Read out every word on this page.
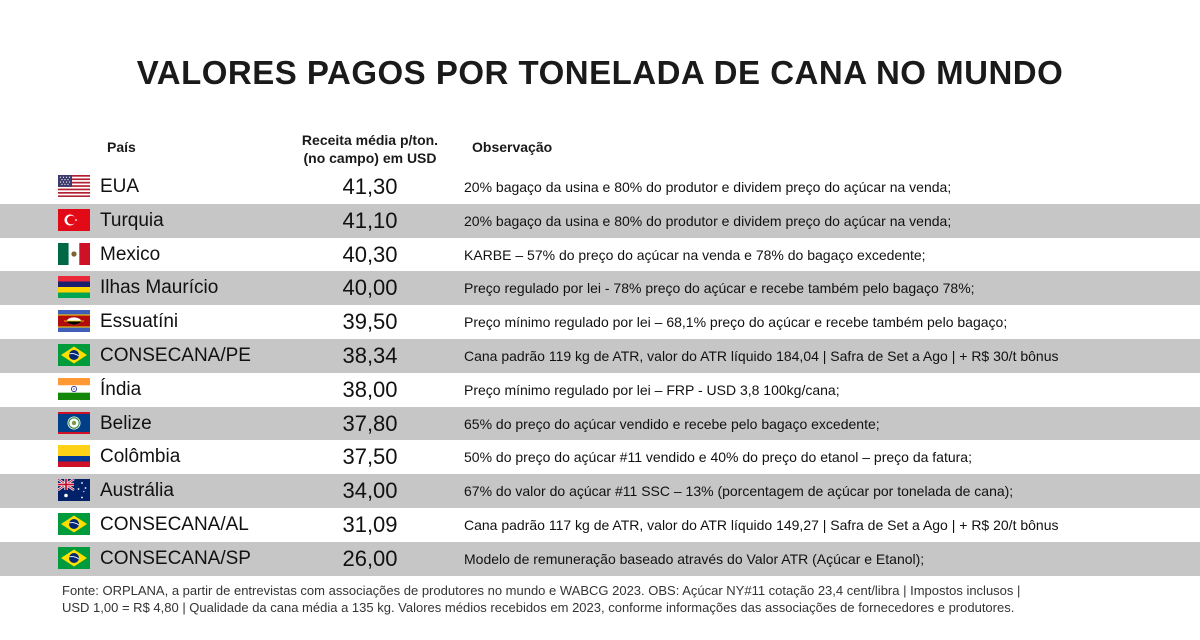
VALORES PAGOS POR TONELADA DE CANA NO MUNDO
País	Receita média p/ton.
(no campo) em USD
Observação
EUA	41,30	20% bagaço da usina e 80% do produtor e dividem preço do açúcar na venda;
Turquia	41,10	20% bagaço da usina e 80% do produtor e dividem preço do açúcar na venda;
Mexico	40,30	KARBE – 57% do preço do açúcar na venda e 78% do bagaço excedente;
Ilhas Maurício	40,00	Preço regulado por lei - 78% preço do açúcar e recebe também pelo bagaço 78%;
Essuatíni	39,50	Preço mínimo regulado por lei – 68,1% preço do açúcar e recebe também pelo bagaço;
CONSECANA/PE	38,34	Cana padrão 119 kg de ATR, valor do ATR líquido 184,04 | Safra de Set a Ago | + R$ 30/t bônus
Índia	38,00	Preço mínimo regulado por lei – FRP - USD 3,8 100kg/cana;
Belize	37,80	65% do preço do açúcar vendido e recebe pelo bagaço excedente;
Colômbia	37,50	50% do preço do açúcar #11 vendido e 40% do preço do etanol – preço da fatura;
Austrália	34,00	67% do valor do açúcar #11 SSC – 13% (porcentagem de açúcar por tonelada de cana);
CONSECANA/AL	31,09	Cana padrão 117 kg de ATR, valor do ATR líquido 149,27 | Safra de Set a Ago | + R$ 20/t bônus
CONSECANA/SP	26,00	Modelo de remuneração baseado através do Valor ATR (Açúcar e Etanol);
Fonte: ORPLANA, a partir de entrevistas com associações de produtores no mundo e WABCG 2023. OBS: Açúcar NY#11 cotação 23,4 cent/libra | Impostos inclusos |
USD 1,00 = R$ 4,80 | Qualidade da cana média a 135 kg. Valores médios recebidos em 2023, conforme informações das associações de fornecedores e produtores.
